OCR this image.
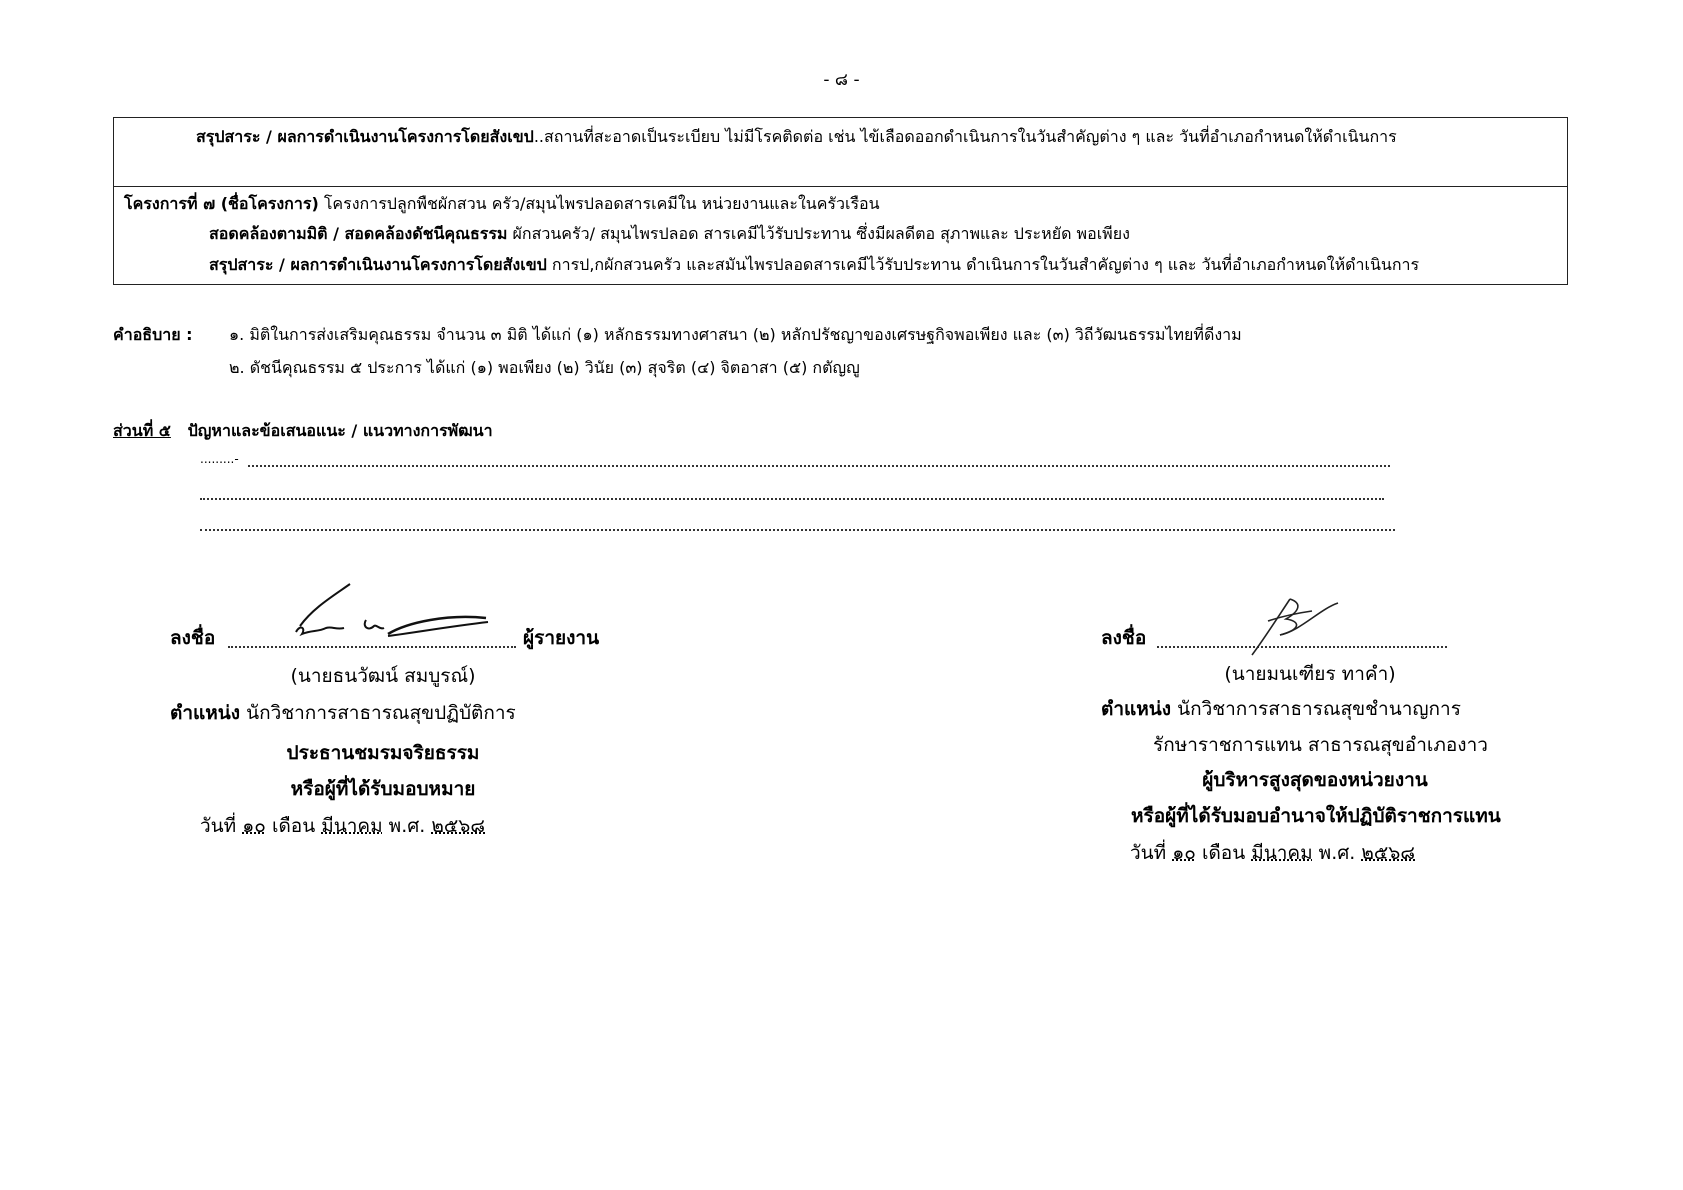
- ๘ -
สรุปสาระ / ผลการดำเนินงานโครงการโดยสังเขป..สถานที่สะอาดเป็นระเบียบ ไม่มีโรคติดต่อ เช่น ไข้เลือดออกดำเนินการในวันสำคัญต่าง ๆ และ วันที่อำเภอกำหนดให้ดำเนินการ
โครงการที่ ๗ (ชื่อโครงการ) โครงการปลูกพืชผักสวน ครัว/สมุนไพรปลอดสารเคมีใน หน่วยงานและในครัวเรือน
สอดคล้องตามมิติ / สอดคล้องดัชนีคุณธรรม ผักสวนครัว/ สมุนไพรปลอด สารเคมีไว้รับประทาน ซึ่งมีผลดีตอ สุภาพและ ประหยัด พอเพียง
สรุปสาระ / ผลการดำเนินงานโครงการโดยสังเขป การป,กผักสวนครัว และสมันไพรปลอดสารเคมีไว้รับประทาน ดำเนินการในวันสำคัญต่าง ๆ และ วันที่อำเภอกำหนดให้ดำเนินการ
คำอธิบาย : ๑. มิติในการส่งเสริมคุณธรรม จำนวน ๓ มิติ ได้แก่ (๑) หลักธรรมทางศาสนา (๒) หลักปรัชญาของเศรษฐกิจพอเพียง และ (๓) วิถีวัฒนธรรมไทยที่ดีงาม
๒. ดัชนีคุณธรรม ๕ ประการ ได้แก่ (๑) พอเพียง (๒) วินัย (๓) สุจริต (๔) จิตอาสา (๕) กตัญญู
ส่วนที่ ๕ ปัญหาและข้อเสนอแนะ / แนวทางการพัฒนา
.........-
ลงชื่อ
ธนวัฒน์ สมบูรณ์
ผู้รายงาน
(นายธนวัฒน์ สมบูรณ์)
ตำแหน่ง นักวิชาการสาธารณสุขปฏิบัติการ
ประธานชมรมจริยธรรม
หรือผู้ที่ได้รับมอบหมาย
วันที่ ๑๐ เดือน มีนาคม พ.ศ. ๒๕๖๘
ลงชื่อ
(นายมนเฑียร ทาคำ)
ตำแหน่ง นักวิชาการสาธารณสุขชำนาญการ
รักษาราชการแทน สาธารณสุขอำเภองาว
ผู้บริหารสูงสุดของหน่วยงาน
หรือผู้ที่ได้รับมอบอำนาจให้ปฏิบัติราชการแทน
วันที่ ๑๐ เดือน มีนาคม พ.ศ. ๒๕๖๘
